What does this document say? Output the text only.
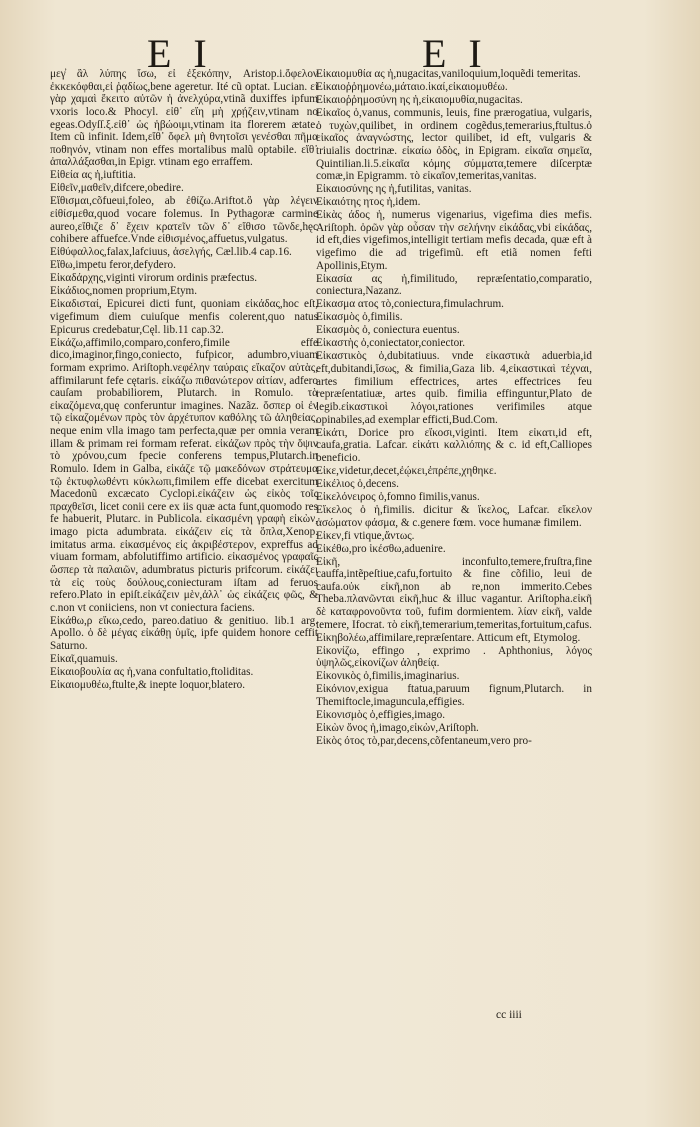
E I	E I
μεγ̓ ἂλ λύπης ἴσω, εἰ ἐξεκόπην, Aristop.i.ὄφελον ἐκκεκόφθαι,εἰ ῥᾳδίως,bene ageretur. Ité cũ optat. Lucian. εἰ γὰρ χαμαὶ ἔκειτο αὐτῶν ἡ ἀνελχύρα,vtinã duxiffes ipfum vxoris loco.& Phocyl. εἰθ᾽ εἴη μὴ χρῄζειν,vtinam no egeas.Odyſſ.ξ.εἰθ᾽ ὡς ἡβώοιμι,vtinam ita florerem ætate. Item cũ infinit. Idem,εἴθ᾽ ὄφελ μὴ θνητοῖσι γενέσθαι πῆμα ποθηνόν, vtinam non effes mortalibus malũ optabile. εἴθ᾽ ἀπαλλάξασθαι,in Epigr. vtinam ego erraffem.
Εἰθεία ας ἡ,iuftitia.
Εἰθεῖν,μαθεῖν,difcere,obedire.
Εἴθισμαι,cõfueui,foleo, ab ἐθίζω.Ariftot.ὃ γὰρ λέγειν εἰθίσμεθα,quod vocare folemus. In Pythagoræ carmine aureo,εἴθιζε δ᾽ ἔχειν κρατεῖν τῶν δ᾽ εἴθισο τῶνδε,hęc cohibere affuefce.Vnde εἰθισμένος,affuetus,vulgatus.
Εἰθύφαλλος,falax,lafciuus, ἀσελγής, Cæl.lib.4 cap.16.
Εἴθω,impetu feror,defydero.
Εἰκαδάρχης,viginti virorum ordinis præfectus.
Εἰκάδιος,nomen proprium,Etym.
Εἰκαδισταί, Epicurei dicti funt, quoniam εἰκάδας,hoc eſt, vigefimum diem cuiuſque menfis colerent,quo natus Epicurus credebatur,Cęl. lib.11 cap.32.
Εἰκάζω,affimilo,comparo,confero,fimile effe dico,imaginor,fingo,coniecto, fufpicor, adumbro,viuam formam exprimo. Ariſtoph.νεφέλην ταύραις εἴκαζον αὐτὰς, affimilarunt fefe cętaris. εἰκάζω πιθανώτερον αἰτίαν, adfero cauſam probabiliorem, Plutarch. in Romulo. τὰ εἰκαζόμενα,quę conferuntur imagines. Nazãz. ὅσπερ οἱ ἐν τῷ εἰκαζομένων πρὸς τὸν ἀρχέτυπον καθόλης τῶ ἀληθείας, neque enim vlla imago tam perfecta,quæ per omnia veram illam & primam rei formam referat. εἰκάζων πρὸς τὴν ὄψιν τὸ χρόνου,cum fpecie conferens tempus,Plutarch.in Romulo. Idem in Galba, εἰκάζε τῷ μακεδόνων στράτευμα τῷ ἐκτυφλωθέντι κύκλωπι,fimilem effe dicebat exercitum Macedonũ excæcato Cyclopi.εἰκάζειν ὡς εἰκὸς τοῖς πραχθεῖσι, licet conii cere ex iis quæ acta funt,quomodo res fe habuerit, Plutarc. in Publicola. εἰκασμένη γραφὴ εἰκὼν, imago picta adumbrata. εἰκάζειν εἰς τὰ ὅπλα,Xenop. imitatus arma. εἰκασμένος εἰς ἀκριβέστερον, expreffus ad viuam formam, abfolutiffimo artificio. εἰκασμένος γραφαῖς ὥσπερ τὰ παλαιῶν, adumbratus picturis prifcorum. εἰκάζει τὰ εἰς τοὺς δούλους,coniecturam iſtam ad feruos refero.Plato in epiſt.εἰκάζειν μὲν,ἀλλ᾽ ὡς εἰκάζεις φῶς, & c.non vt coniiciens, non vt coniectura faciens.
Εἰκάθω,ρ εἴκω,cedo, pareo.datiuo & genitiuo. lib.1 arg. Apollo. ὁ δὲ μέγας εἰκάθῃ ὑμῖς, ipfe quidem honore ceffit Saturno.
Εἰκαῖ,quamuis.
Εἰκαιοβουλία ας ἡ,vana confultatio,ftoliditas.
Εἰκαιομυθέω,ftulte,& inepte loquor,blatero.
Εἰκαιομυθία ας ἡ,nugacitas,vaniloquium,loquẽdi temeritas.
Εἰκαιοῤῥημονέω,μάταιο.ἰκαί,εἰκαιομυθέω.
Εἰκαιοῤῥημοσύνη ης ἡ,εἰκαιομυθία,nugacitas.
Εἰκαῖος ὁ,vanus, communis, leuis, fine prærogatiua, vulgaris, ὁ τυχὼν,quilibet, in ordinem cogẽdus,temerarius,ftultus.ὁ εἰκαῖος ἀναγνώστης, lector quilibet, id eft, vulgaris & triuialis doctrinæ. εἰκαίω ὁδὸς, in Epigram. εἰκαῖα σημεῖα, Quintilian.li.5.εἰκαῖα κόμης σύμματα,temere diſcerptæ comæ,in Epigramm. τὸ εἰκαῖον,temeritas,vanitas.
Εἰκαιοσύνης ης ἡ,futilitas, vanitas.
Εἰκαιότης ητος ἡ,idem.
Εἰκὰς άδος ἡ, numerus vigenarius, vigefima dies mefis. Ariſtoph. ὁρῶν γὰρ οὖσαν τὴν σελήνην εἰκάδας,vbi εἰκάδας, id eft,dies vigefimos,intelligit tertiam mefis decada, quæ eft à vigefimo die ad trigefimũ. eft etiã nomen fefti Apollinis,Etym.
Εἰκασία ας ἡ,fimilitudo, repræſentatio,comparatio, coniectura,Nazanz.
Εἰκασμα ατος τὸ,coniectura,fimulachrum.
Εἰκασμὸς ὁ,fimilis.
Εἰκασμὸς ὁ, coniectura euentus.
Εἰκαστὴς ὁ,coniectator,coniector.
Εἰκαστικὸς ὁ,dubitatiuus. vnde εἰκαστικὰ aduerbia,id eft,dubitandi,ἴσως, & fimilia,Gaza lib. 4,εἰκαστικαὶ τέχναι, artes fimilium effectrices, artes effectrices feu repræſentatiuæ, artes quib. fimilia effinguntur,Plato de legib.εἰκαστικοὶ λόγοι,rationes verifimiles atque opinabiles,ad exemplar efficti,Bud.Com.
Εἰκάτι, Dorice pro εἴκοσι,viginti. Item εἰκατι,id eft, caufa,gratia. Lafcar. εἰκάτι καλλιόπης & c. id eft,Calliopes beneficio.
Εἰκε,videtur,decet,ἐῴκει,ἐπρέπε,χηθηκε.
Εἰκέλιος ὁ,decens.
Εἰκελόνειρος ὁ,fomno fimilis,vanus.
Εἴκελος ὁ ἡ,fimilis. dicitur & ἴκελος, Lafcar. εἴκελον ἀσώματον φάσμα, & c.genere fœm. voce humanæ fimilem.
Εἰκεν,fi vtique,ἄντως.
Εἰκέθω,pro ἱκέσθω,aduenire.
Εἰκῆ, inconfulto,temere,fruſtra,fine cauffa,intẽpeſtiue,cafu,fortuito & fine cõfilio, leui de caufa.οὐκ εἰκῆ,non ab re,non immerito.Cebes Theba.πλανῶνται εἰκῆ,huc & illuc vagantur. Ariſtopha.εἰκῆ δὲ καταφρονοῦντα τοῦ, fufim dormientem. λίαν εἰκῆ, valde temere, Ifocrat. τὸ εἰκῆ,temerarium,temeritas,fortuitum,cafus.
Εἰκηβολέω,affimilare,repræſentare. Atticum eft, Etymolog.
Εἰκονίζω, effingo , exprimo . Aphthonius, λόγος ὑψηλῶς,εἰκονίζων ἀληθείᾳ.
Εἰκονικὸς ὁ,fimilis,imaginarius.
Εἰκόνιον,exigua ftatua,paruum fignum,Plutarch. in Themiftocle,imaguncula,effigies.
Εἰκονισμὸς ὁ,effigies,imago.
Εἰκὼν ὄνος ἡ,imago,εἰκὼν,Ariſtoph.
Εἰκὸς ότος τὸ,par,decens,cõfentaneum,vero pro-
cc iiii
